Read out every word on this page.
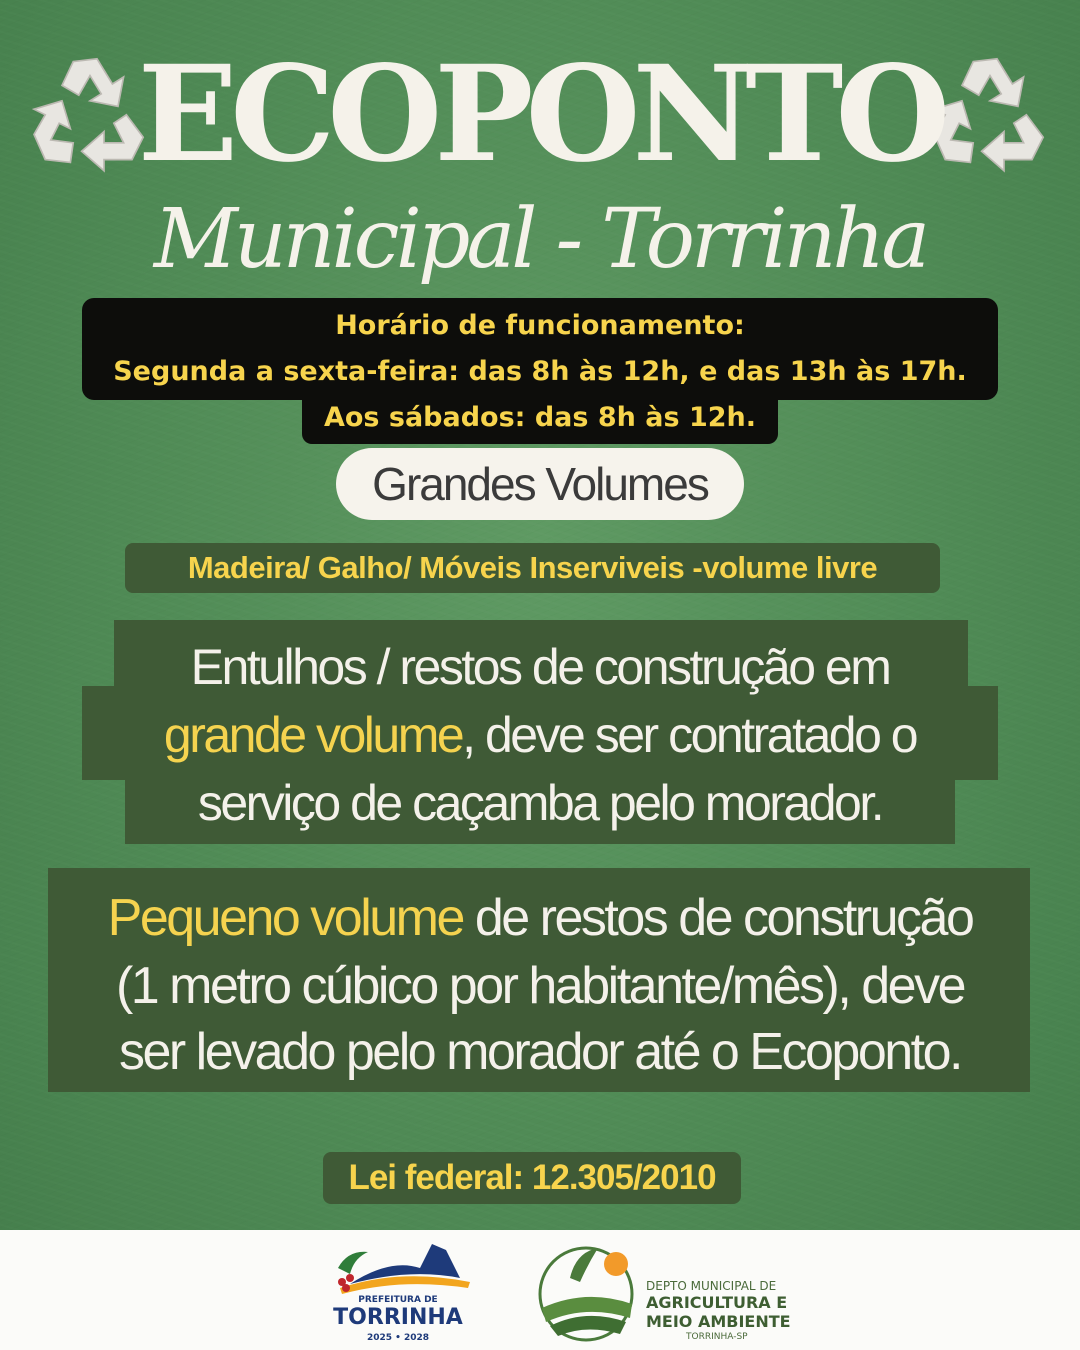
ECOPONTO
Municipal - Torrinha
Horário de funcionamento:
Segunda a sexta-feira: das 8h às 12h, e das 13h às 17h.
Aos sábados: das 8h às 12h.
Grandes Volumes
Madeira/ Galho/ Móveis Inserviveis -volume livre
Entulhos / restos de construção em
grande volume, deve ser contratado o
serviço de caçamba pelo morador.
Pequeno volume de restos de construção
(1 metro cúbico por habitante/mês), deve
ser levado pelo morador até o Ecoponto.
Lei federal: 12.305/2010
PREFEITURA DE
TORRINHA
2025 • 2028
DEPTO MUNICIPAL DE
AGRICULTURA E
MEIO AMBIENTE
TORRINHA-SP
